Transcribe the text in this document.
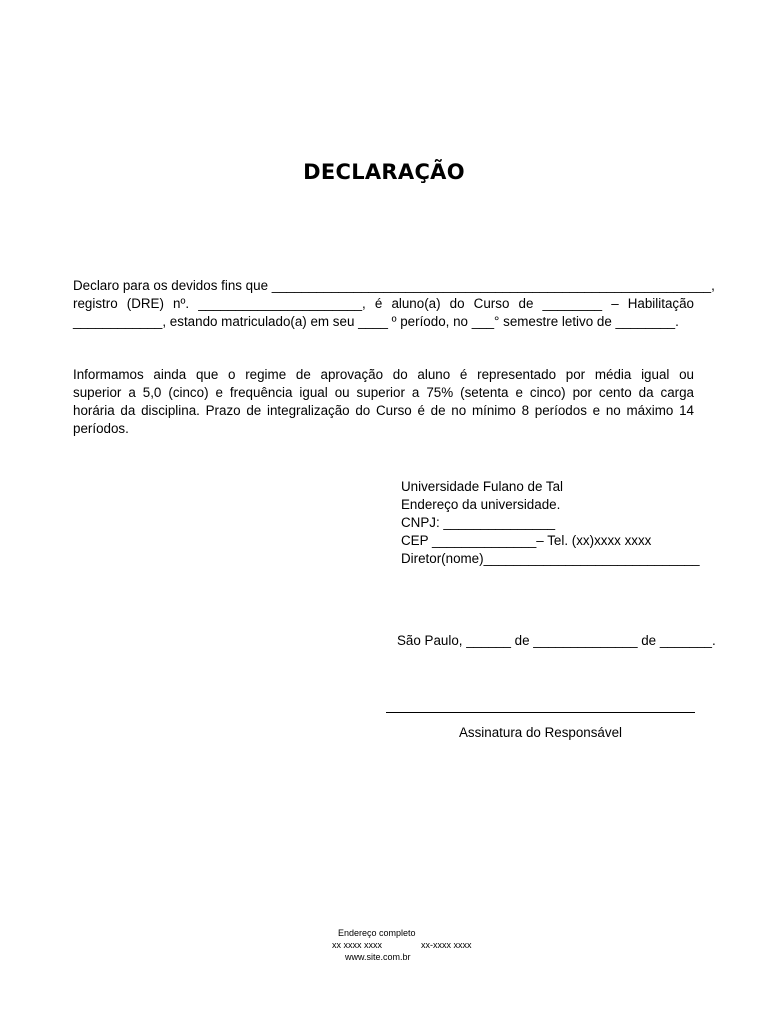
DECLARAÇÃO
Declaro para os devidos fins que ___________________________________________________________,
registro (DRE) nº. ______________________, é aluno(a) do Curso de ________ – Habilitação
____________, estando matriculado(a) em seu ____ º período, no ___° semestre letivo de ________.
Informamos ainda que o regime de aprovação do aluno é representado por média igual ou
superior a 5,0 (cinco) e frequência igual ou superior a 75% (setenta e cinco) por cento da carga
horária da disciplina. Prazo de integralização do Curso é de no mínimo 8 períodos e no máximo 14
períodos.
Universidade Fulano de Tal
Endereço da universidade.
CNPJ: _______________
CEP ______________– Tel. (xx)xxxx xxxx
Diretor(nome)_____________________________
São Paulo, ______ de ______________ de _______.
Assinatura do Responsável
Endereço completo
xx xxxx xxxx	xx-xxxx xxxx
www.site.com.br
